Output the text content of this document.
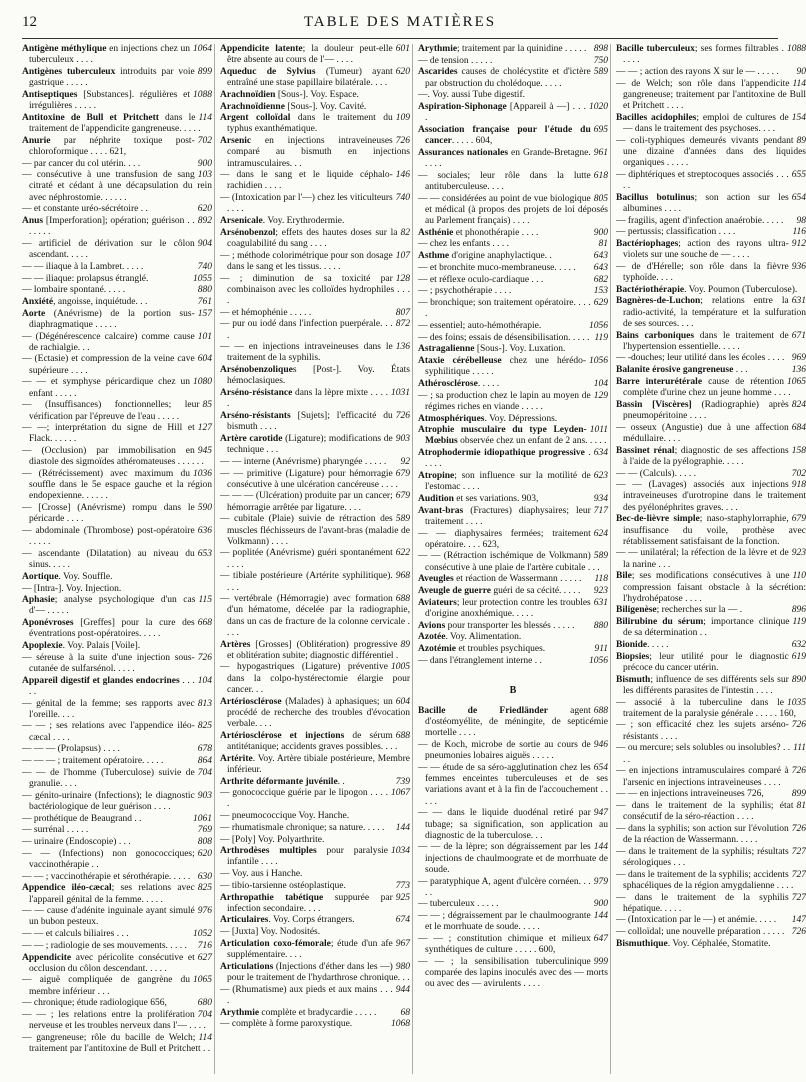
12	TABLE DES MATIÈRES
1064
Antigène méthylique en injections chez un tuberculeux . . . .
899
Antigènes tuberculeux introduits par voie gastrique . . . . .
1088
Antiseptiques [Substances]. régulières et irrégulières . . . . .
114
Antitoxine de Bull et Pritchett dans le traitement de l'appendicite gangreneuse. . . . .
702
Anurie par néphrite toxique post-chloroformique . . . . 621,
900
— par cancer du col utérin. . . .
103
— consécutive à une transfusion de sang citraté et cédant à une décapsulation du rein avec néphrostomie. . . . . .
620
— et constante uréo-sécrétoire . .
892
Anus [Imperforation]; opération; guérison . . . . . . .
904
— artificiel de dérivation sur le côlon ascendant. . . . .
740
— — iliaque à la Lambret. . . . .
1055
— — iliaque: prolapsus étranglé.
880
— lombaire spontané. . . . .
761
Anxiété, angoisse, inquiétude. . .
157
Aorte (Anévrisme) de la portion sus-diaphragmatique . . . . .
101
— (Dégénérescence calcaire) comme cause de rachialgie. . .
604
— (Ectasie) et compression de la veine cave supérieure . . . .
1080
— — et symphyse péricardique chez un enfant . . . . .
85
— (Insuffisances) fonctionnelles; leur vérification par l'épreuve de l'eau . . . . .
127
— —; interprétation du signe de Hill et Flack. . . . . .
945
— (Occlusion) par immobilisation en diastole des sigmoïdes athéromateuses . . . . . .
1036
— (Rétrécissement) avec maximum du souffle dans le 5e espace gauche et la région endopexienne. . . . . .
590
— [Crosse] (Anévrisme) rompu dans le péricarde . . . .
636
— abdominale (Thrombose) post-opératoire . . . . .
653
— ascendante (Dilatation) au niveau du sinus. . . . .
Aortique. Voy. Souffle.
— [Intra-]. Voy. Injection.
115
Aphasie; analyse psychologique d'un cas d'— . . . . .
668
Aponévroses [Greffes] pour la cure des éventrations post-opératoires. . . . .
Apoplexie. Voy. Palais [Voile].
726
— séreuse à la suite d'une injection sous-cutanée de sulfarsénol. . . . .
104
Appareil digestif et glandes endocrines . . . . .
813
— génital de la femme; ses rapports avec l'oreille. . . .
825
— — ; ses relations avec l'appendice iléo-cæcal . . . .
678
— — — (Prolapsus) . . . .
864
— — — ; traitement opératoire. . . . .
704
— — de l'homme (Tuberculose) suivie de granulie. . . .
903
— génito-urinaire (Infections); le diagnostic bactériologique de leur guérison . . . .
1061
— prothétique de Beaugrand . .
769
— surrénal . . . . .
808
— urinaire (Endoscopie) . . .
620
— — (Infections) non gonococciques; vaccinothérapie . .
630
— — ; vaccinothérapie et sérothérapie. . . . .
825
Appendice iléo-cæcal; ses relations avec l'appareil génital de la femme. . . . .
976
— — cause d'adénite inguinale ayant simulé un bubon pesteux.
1052
— — et calculs biliaires . . .
716
— — ; radiologie de ses mouvements. . . . .
627
Appendicite avec péricolite consécutive et occlusion du côlon descendant. . . . .
1065
— aiguë compliquée de gangrène du membre inférieur . . .
680
— chronique; étude radiologique 656,
704
— — ; les relations entre la prolifération nerveuse et les troubles nerveux dans l'— . . . .
114
— gangreneuse; rôle du bacille de Welch; traitement par l'antitoxine de Bull et Pritchett . .
601
Appendicite latente; la douleur peut-elle être absente au cours de l'— . . . .
620
Aqueduc de Sylvius (Tumeur) ayant entraîné une stase papillaire bilatérale. . . .
Arachnoïdien [Sous-]. Voy. Espace.
Arachnoïdienne [Sous-]. Voy. Cavité.
109
Argent colloïdal dans le traitement du typhus exanthématique.
726
Arsenic en injections intraveineuses comparé au bismuth en injections intramusculaires. . .
146
— dans le sang et le liquide céphalo-rachidien . . . .
740
— (Intoxication par l'—) chez les viticulteurs . . . .
Arsenicale. Voy. Erythrodermie.
82
Arsénobenzol; effets des hautes doses sur la coagulabilité du sang . . . .
107
— ; méthode colorimétrique pour son dosage dans le sang et les tissus. . . . .
128
— ; diminution de sa toxicité par combinaison avec les colloïdes hydrophiles . . . .
807
— et hémophénie . . . . .
872
— pur ou iodé dans l'infection puerpérale. . . .
136
— — en injections intraveineuses dans le traitement de la syphilis.
Arsénobenzoliques [Post-]. Voy. États hémoclasiques.
1031
Arséno-résistance dans la lèpre mixte . . . . .
726
Arséno-résistants [Sujets]; l'efficacité du bismuth . . . .
903
Artère carotide (Ligature); modifications de technique . . .
92
— — interne (Anévrisme) pharyngée . . . . .
679
— — primitive (Ligature) pour hémorragie consécutive à une ulcération cancéreuse . . . .
679
— — — (Ulcération) produite par un cancer; hémorragie arrêtée par ligature. . . .
589
— cubitale (Plaie) suivie de rétraction des muscles fléchisseurs de l'avant-bras (maladie de Volkmann) . . . .
622
— poplitée (Anévrisme) guéri spontanément . . . .
968
— tibiale postérieure (Artérite syphilitique). . . .
688
— vertébrale (Hémorragie) avec formation d'un hématome, décelée par la radiographie, dans un cas de fracture de la colonne cervicale . . . .
89
Artères [Grosses] (Oblitération) progressive et oblitération subite; diagnostic différentiel .
1005
— hypogastriques (Ligature) préventive dans la colpo-hystérectomie élargie pour cancer. . .
604
Artériosclérose (Malades) à aphasiques; un procédé de recherche des troubles d'évocation verbale. . . .
688
Artériosclérose et injections de sérum antitétanique; accidents graves possibles. . . .
Artérite. Voy. Artère tibiale postérieure, Membre inférieur.
739
Arthrite déformante juvénile. .
1067
— gonococcique guérie par le lipogon . . . . .
— pneumococcique Voy. Hanche.
144
— rhumatismale chronique; sa nature. . . . .
— [Poly] Voy. Polyarthrite.
1034
Arthrodèses multiples pour paralysie infantile . . . .
— Voy. aus i Hanche.
773
— tibio-tarsienne ostéoplastique.
925
Arthropathie tabétique suppurée par infection secondaire. . . .
674
Articulaires. Voy. Corps étrangers.
— [Juxta] Voy. Nodosités.
967
Articulation coxo-fémorale; étude d'un afe supplémentaire. . . .
980
Articulations (Injections d'éther dans les —) pour le traitement de l'hydarthrose chronique. . .
944
— (Rhumatisme) aux pieds et aux mains . . . .
68
Arythmie complète et bradycardie . . . . .
1068
— complète à forme paroxystique.
898
Arythmie; traitement par la quinidine . . . . .
750
— de tension . . . . .
589
Ascarides causes de cholécystite et d'ictère par obstruction du cholédoque. . . . .
—. Voy. aussi Tube digestif.
1020
Aspiration-Siphonage [Appareil à —] . . . .
695
Association française pour l'étude du cancer. . . . . 604,
961
Assurances nationales en Grande-Bretagne. . . . .
618
— sociales; leur rôle dans la lutte antituberculeuse. . . .
805
— — considérées au point de vue biologique et médical (à propos des projets de loi déposés au Parlement français) . . . .
900
Asthénie et phonothérapie . . . .
81
— chez les enfants . . . .
643
Asthme d'origine anaphylactique. .
643
— et bronchite muco-membraneuse. . . . .
682
— et réflexe oculo-cardiaque . . .
153
— ; psychothérapie . . . .
629
— bronchique; son traitement opératoire. . . . .
1056
— essentiel; auto-hémothérapie.
119
— des foins; essais de désensibilisation. . . . .
Astragalienne [Sous-]. Voy. Luxation.
1056
Ataxie cérébelleuse chez une hérédo-syphilitique . . . . .
104
Athérosclérose. . . . .
129
— ; sa production chez le lapin au moyen de régimes riches en viande . . . . .
Atmosphériques. Voy. Dépressions.
1011
Atrophie musculaire du type Leyden-Mœbius observée chez un enfant de 2 ans. . . . .
634
Atrophodermie idiopathique progressive . . . . .
623
Atropine; son influence sur la motilité de l'estomac . . . .
934
Audition et ses variations. 903,
717
Avant-bras (Fractures) diaphysaires; leur traitement . . . .
624
— — diaphysaires fermées; traitement opératoire. . . . 623,
589
— — (Rétraction ischémique de Volkmann) consécutive à une plaie de l'artère cubitale . . .
118
Aveugles et réaction de Wassermann . . . . .
923
Aveugle de guerre guéri de sa cécité. . . . .
631
Aviateurs; leur protection contre les troubles d'origine anoxhémique. . . . .
880
Avions pour transporter les blessés . . . . .
Azotée. Voy. Alimentation.
911
Azotémie et troubles psychiques.
1056
— dans l'étranglement interne . .
B
688
Bacille de Friedländer agent d'ostéomyélite, de méningite, de septicémie mortelle . . . .
946
— de Koch, microbe de sortie au cours de pneumonies lobaires aiguës . . . . .
654
— — étude de sa séro-agglutination chez les femmes enceintes tuberculeuses et de ses variations avant et à la fin de l'accouchement . . . . .
947
— — dans le liquide duodénal retiré par tubage; sa signification, son application au diagnostic de la tuberculose. . .
144
— — de la lèpre; son dégraissement par les injections de chaulmoograte et de morrhuate de soude.
979
— paratyphique A, agent d'ulcère cornéen. . . . .
900
— tuberculeux . . . . .
144
— — ; dégraissement par le chaulmoogrante et le morrhuate de soude. . . . .
647
— — ; constitution chimique et milieux synthétiques de culture . . . . . 600,
999
— — ; la sensibilisation tuberculinique comparée des lapins inoculés avec des — morts ou avec des — avirulents . . . .
1088
Bacille tuberculeux; ses formes filtrables . . . . .
90
— — ; action des rayons X sur le — . . . . .
114
— de Welch; son rôle dans l'appendicite gangreneuse; traitement par l'antitoxine de Bull et Pritchett . . . .
154
Bacilles acidophiles; emploi de cultures de — dans le traitement des psychoses. . . .
89
— coli-typhiques demeurés vivants pendant une dizaine d'années dans des liquides organiques . . . . .
655
— diphtériques et streptocoques associés . . . . .
654
Bacillus botulinus; son action sur les albumines . . . .
98
— fragilis, agent d'infection anaérobie. . . . .
116
— pertussis; classification . . . .
912
Bactériophages; action des rayons ultra-violets sur une souche de — . . . .
936
— de d'Hérelle; son rôle dans la fièvre typhoïde. . . .
Bactériothérapie. Voy. Poumon (Tuberculose).
631
Bagnères-de-Luchon; relations entre la radio-activité, la température et la sulfuration de ses sources. . . .
671
Bains carboniques dans le traitement de l'hypertension essentielle. . . . .
969
— -douches; leur utilité dans les écoles . . . .
136
Balanite érosive gangreneuse . . .
1065
Barre interurétérale cause de rétention complète d'urine chez un jeune homme . . . .
824
Bassin [Viscères] (Radiographie) après pneumopéritoine . . . .
684
— osseux (Angustie) due à une affection médullaire. . . .
158
Bassinet rénal; diagnostic de ses affections à l'aide de la pyélographie. . . . .
702
— — (Calculs). . . . .
918
— — (Lavages) associés aux injections intraveineuses d'urotropine dans le traitement des pyélonéphrites graves. . . .
679
Bec-de-lièvre simple; naso-staphylorraphie, insuffisance du voile, prothèse avec rétablissement satisfaisant de la fonction.
923
— — unilatéral; la réfection de la lèvre et de la narine . . .
110
Bile; ses modifications consécutives à une compression faisant obstacle à la sécrétion: l'hydrohépatose . . . .
896
Biligenèse; recherches sur la — .
119
Bilirubine du sérum; importance clinique de sa détermination . .
632
Bionide. . . . .
619
Biopsies; leur utilité pour le diagnostic précoce du cancer utérin.
890
Bismuth; influence de ses différents sels sur les différents parasites de l'intestin . . . .
1035
— associé à la tuberculine dans le traitement de la paralysie générale . . . . . 160,
726
— ; son efficacité chez les sujets arséno-résistants . . . .
111
— ou mercure; sels solubles ou insolubles? . . . .
726
— en injections intramusculaires comparé à l'arsenic en injections intraveineuses . . . .
899
— — en injections intraveineuses 726,
81
— dans le traitement de la syphilis; état consécutif de la séro-réaction . . . .
726
— dans la syphilis; son action sur l'évolution de la réaction de Wassermann. . . . .
727
— dans le traitement de la syphilis; résultats sérologiques . . .
727
— dans le traitement de la syphilis; accidents sphacéliques de la région amygdalienne . . . .
727
— dans le traitement de la syphilis hépatique. . . . .
147
— (Intoxication par le —) et anémie. . . . .
726
— colloïdal; une nouvelle préparation . . . . .
Bismuthique. Voy. Céphalée, Stomatite.
